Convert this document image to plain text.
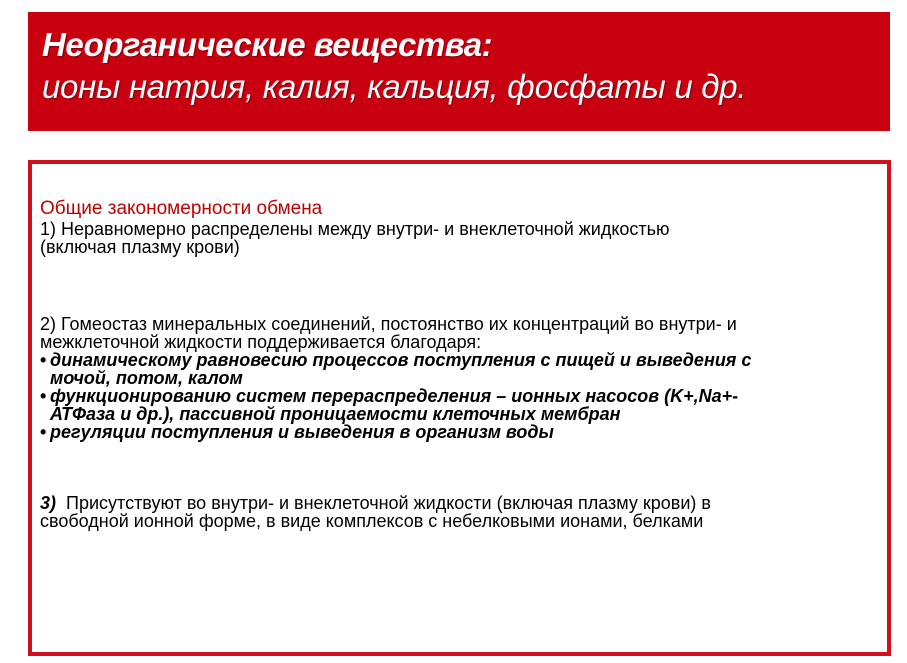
Неорганические вещества:
ионы натрия, калия, кальция, фосфаты и др.
Общие закономерности обмена
1) Неравномерно распределены между внутри- и внеклеточной жидкостью
(включая плазму крови)
2) Гомеостаз минеральных соединений, постоянство их концентраций во внутри- и
межклеточной жидкости поддерживается благодаря:
• динамическому равновесию процессов поступления с пищей и выведения с
мочой, потом, калом
• функционированию систем перераспределения – ионных насосов (K+,Na+-
АТФаза и др.), пассивной проницаемости клеточных мембран
• регуляции поступления и выведения в организм воды
3)  Присутствуют во внутри- и внеклеточной жидкости (включая плазму крови) в
свободной ионной форме, в виде комплексов с небелковыми ионами, белками
